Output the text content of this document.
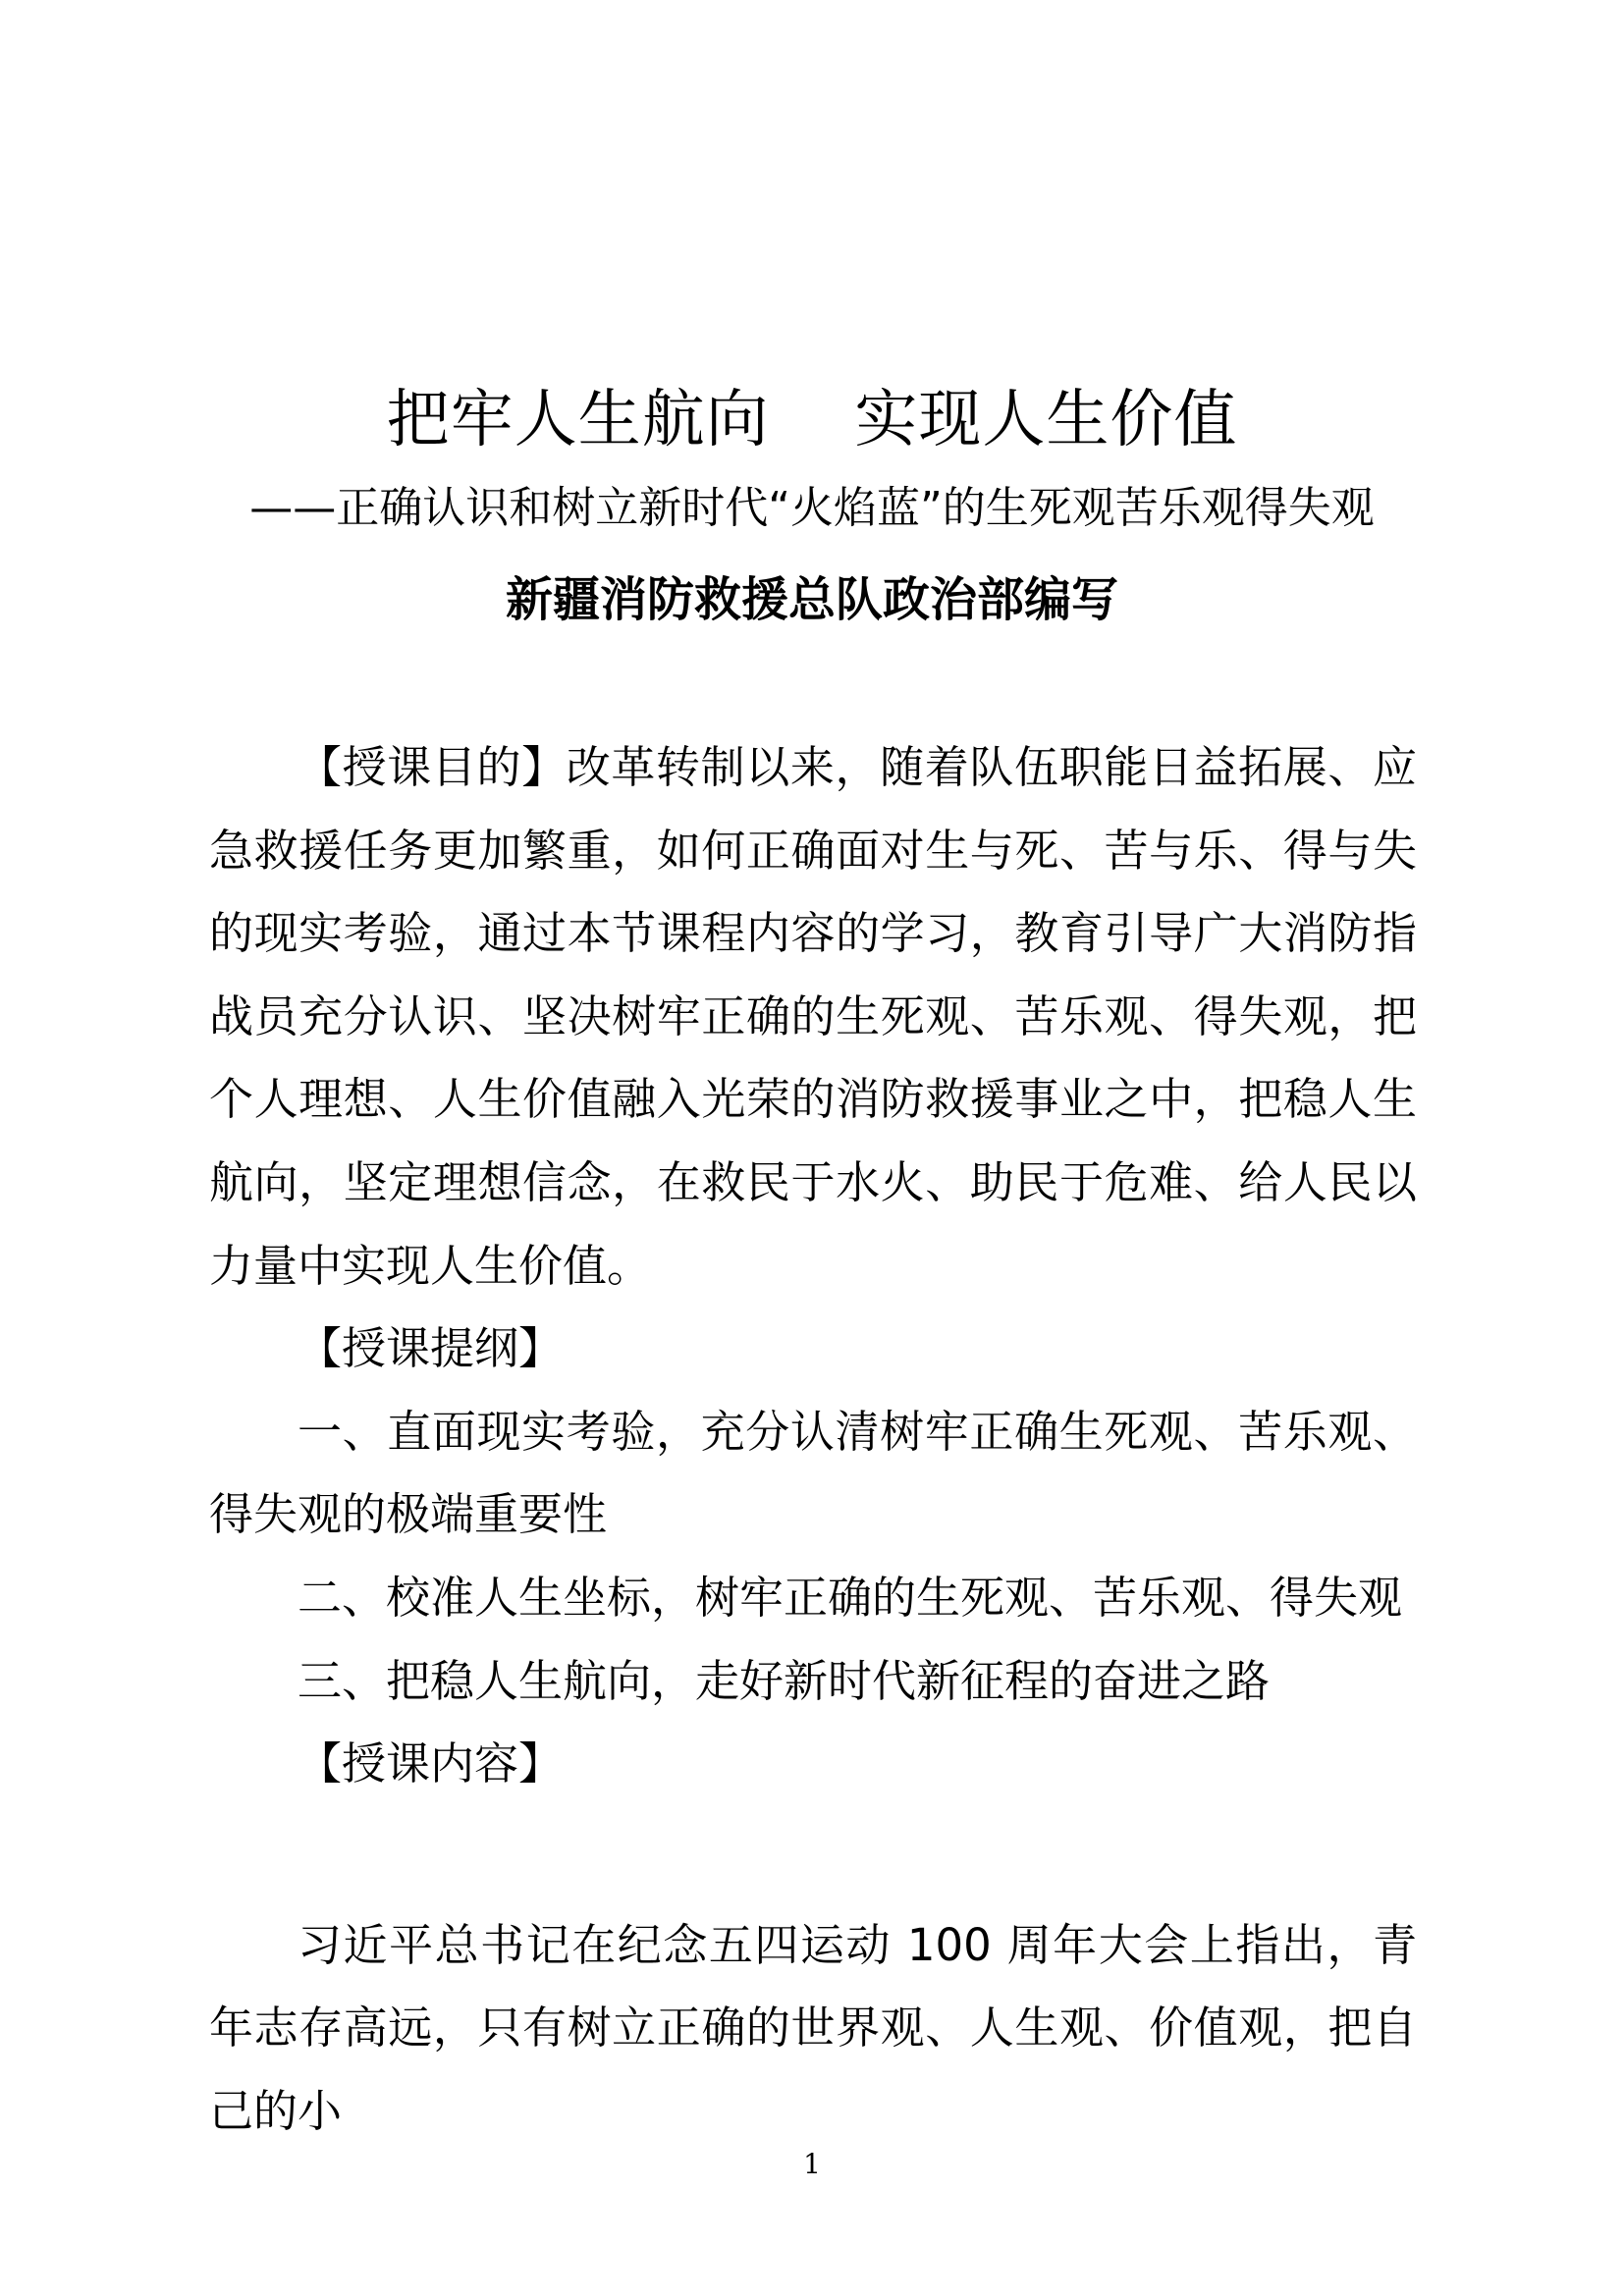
把牢人生航向  实现人生价值
——正确认识和树立新时代“火焰蓝”的生死观苦乐观得失观
新疆消防救援总队政治部编写

【授课目的】改革转制以来，随着队伍职能日益拓展、应急救援任务更加繁重，如何正确面对生与死、苦与乐、得与失的现实考验，通过本节课程内容的学习，教育引导广大消防指战员充分认识、坚决树牢正确的生死观、苦乐观、得失观，把个人理想、人生价值融入光荣的消防救援事业之中，把稳人生航向，坚定理想信念，在救民于水火、助民于危难、给人民以力量中实现人生价值。

【授课提纲】

一、直面现实考验，充分认清树牢正确生死观、苦乐观、得失观的极端重要性

二、校准人生坐标，树牢正确的生死观、苦乐观、得失观

三、把稳人生航向，走好新时代新征程的奋进之路

【授课内容】

习近平总书记在纪念五四运动 100 周年大会上指出，青年志存高远，只有树立正确的世界观、人生观、价值观，把自己的小

1
